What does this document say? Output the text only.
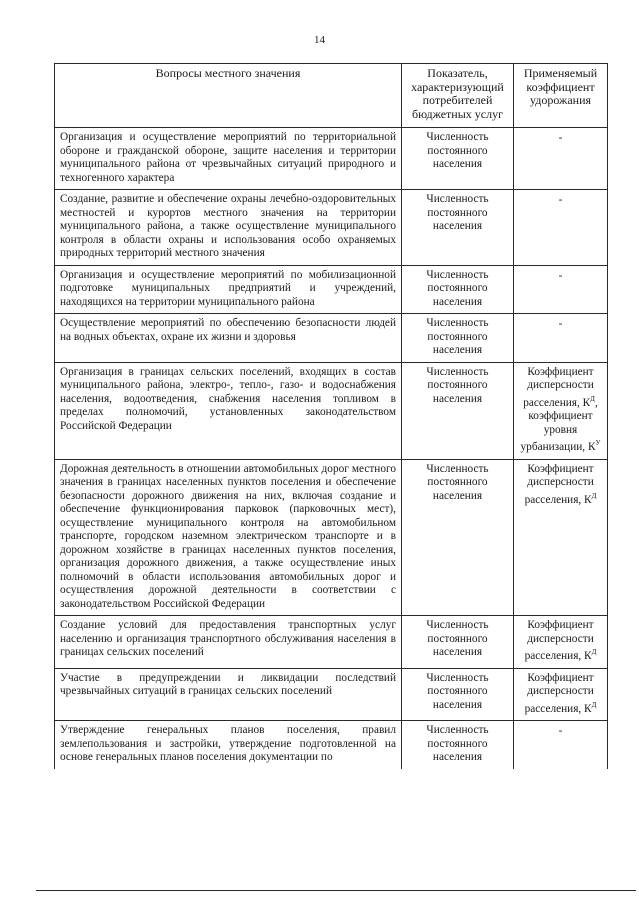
14
Вопросы местного значения	Показатель, характеризующий потребителей бюджетных услуг	Применяемый коэффициент удорожания
Организация и осуществление мероприятий по территориальной обороне и гражданской обороне, защите населения и территории муниципального района от чрезвычайных ситуаций природного и техногенного характера	Численность постоянного населения	-
Создание, развитие и обеспечение охраны лечебно-оздоровительных местностей и курортов местного значения на территории муниципального района, а также осуществление муниципального контроля в области охраны и использования особо охраняемых природных территорий местного значения	Численность постоянного населения	-
Организация и осуществление мероприятий по мобилизационной подготовке муниципальных предприятий и учреждений, находящихся на территории муниципального района	Численность постоянного населения	-
Осуществление мероприятий по обеспечению безопасности людей на водных объектах, охране их жизни и здоровья	Численность постоянного населения	-
Организация в границах сельских поселений, входящих в состав муниципального района, электро-, тепло-, газо- и водоснабжения населения, водоотведения, снабжения населения топливом в пределах полномочий, установленных законодательством Российской Федерации	Численность постоянного населения	Коэффициент дисперсности расселения, $К^Д$, коэффициент уровня урбанизации, $К^У$
Дорожная деятельность в отношении автомобильных дорог местного значения в границах населенных пунктов поселения и обеспечение безопасности дорожного движения на них, включая создание и обеспечение функционирования парковок (парковочных мест), осуществление муниципального контроля на автомобильном транспорте, городском наземном электрическом транспорте и в дорожном хозяйстве в границах населенных пунктов поселения, организация дорожного движения, а также осуществление иных полномочий в области использования автомобильных дорог и осуществления дорожной деятельности в соответствии с законодательством Российской Федерации	Численность постоянного населения	Коэффициент дисперсности расселения, $К^Д$
Создание условий для предоставления транспортных услуг населению и организация транспортного обслуживания населения в границах сельских поселений	Численность постоянного населения	Коэффициент дисперсности расселения, $К^Д$
Участие в предупреждении и ликвидации последствий чрезвычайных ситуаций в границах сельских поселений	Численность постоянного населения	Коэффициент дисперсности расселения, $К^Д$
Утверждение генеральных планов поселения, правил землепользования и застройки, утверждение подготовленной на основе генеральных планов поселения документации по	Численность постоянного населения	-
